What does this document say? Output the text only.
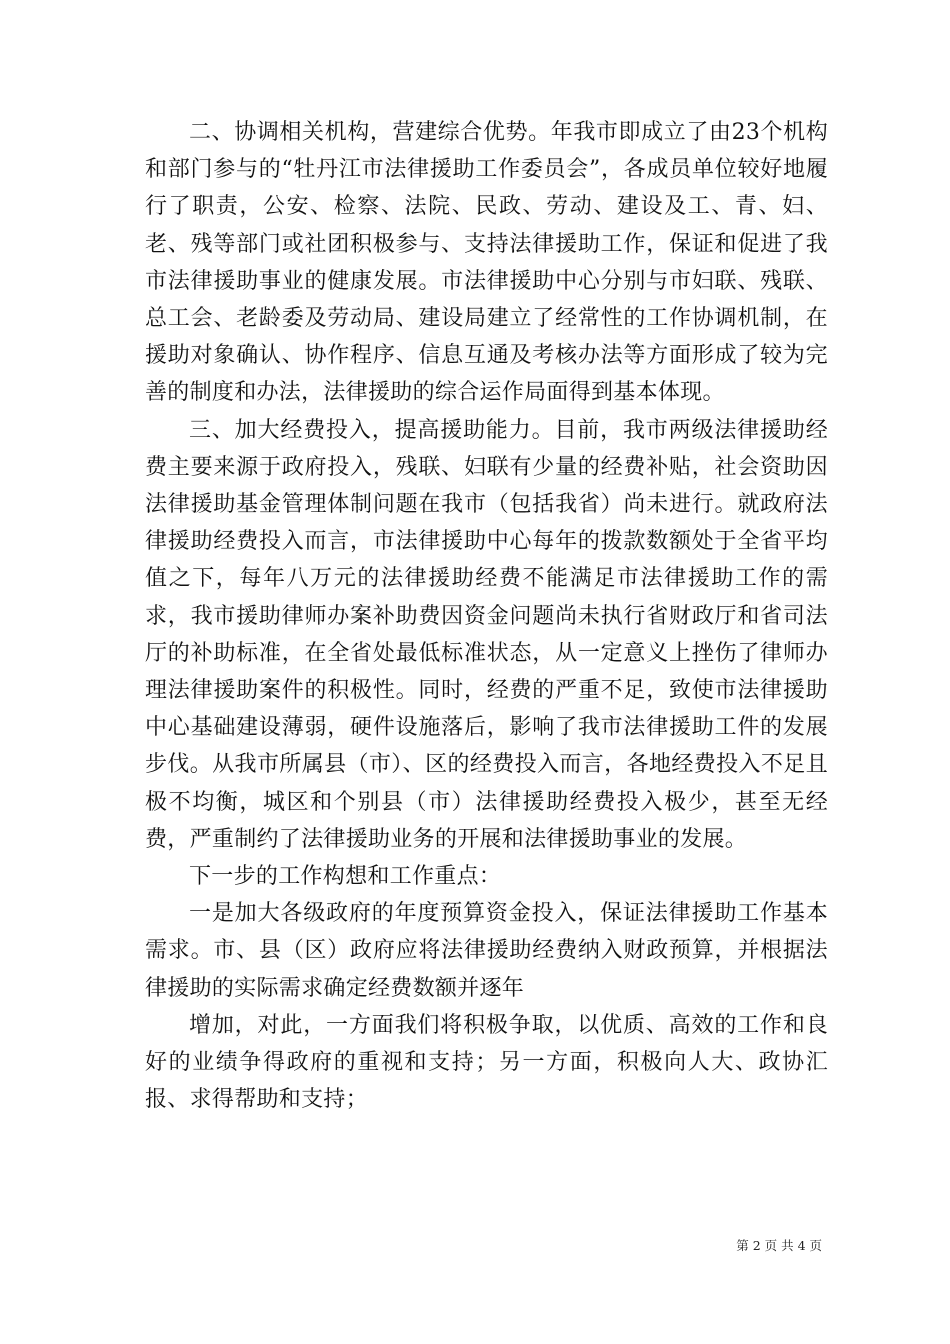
二、协调相关机构，营建综合优势。年我市即成立了由23个机构和部门参与的“牡丹江市法律援助工作委员会”，各成员单位较好地履行了职责，公安、检察、法院、民政、劳动、建设及工、青、妇、老、残等部门或社团积极参与、支持法律援助工作，保证和促进了我市法律援助事业的健康发展。市法律援助中心分别与市妇联、残联、总工会、老龄委及劳动局、建设局建立了经常性的工作协调机制，在援助对象确认、协作程序、信息互通及考核办法等方面形成了较为完善的制度和办法，法律援助的综合运作局面得到基本体现。

三、加大经费投入，提高援助能力。目前，我市两级法律援助经费主要来源于政府投入，残联、妇联有少量的经费补贴，社会资助因法律援助基金管理体制问题在我市（包括我省）尚未进行。就政府法律援助经费投入而言，市法律援助中心每年的拨款数额处于全省平均值之下，每年八万元的法律援助经费不能满足市法律援助工作的需求，我市援助律师办案补助费因资金问题尚未执行省财政厅和省司法厅的补助标准，在全省处最低标准状态，从一定意义上挫伤了律师办理法律援助案件的积极性。同时，经费的严重不足，致使市法律援助中心基础建设薄弱，硬件设施落后，影响了我市法律援助工件的发展步伐。从我市所属县（市）、区的经费投入而言，各地经费投入不足且极不均衡，城区和个别县（市）法律援助经费投入极少，甚至无经费，严重制约了法律援助业务的开展和法律援助事业的发展。

下一步的工作构想和工作重点：

一是加大各级政府的年度预算资金投入，保证法律援助工作基本需求。市、县（区）政府应将法律援助经费纳入财政预算，并根据法律援助的实际需求确定经费数额并逐年

增加，对此，一方面我们将积极争取，以优质、高效的工作和良好的业绩争得政府的重视和支持；另一方面，积极向人大、政协汇报、求得帮助和支持；

第 2 页 共 4 页
